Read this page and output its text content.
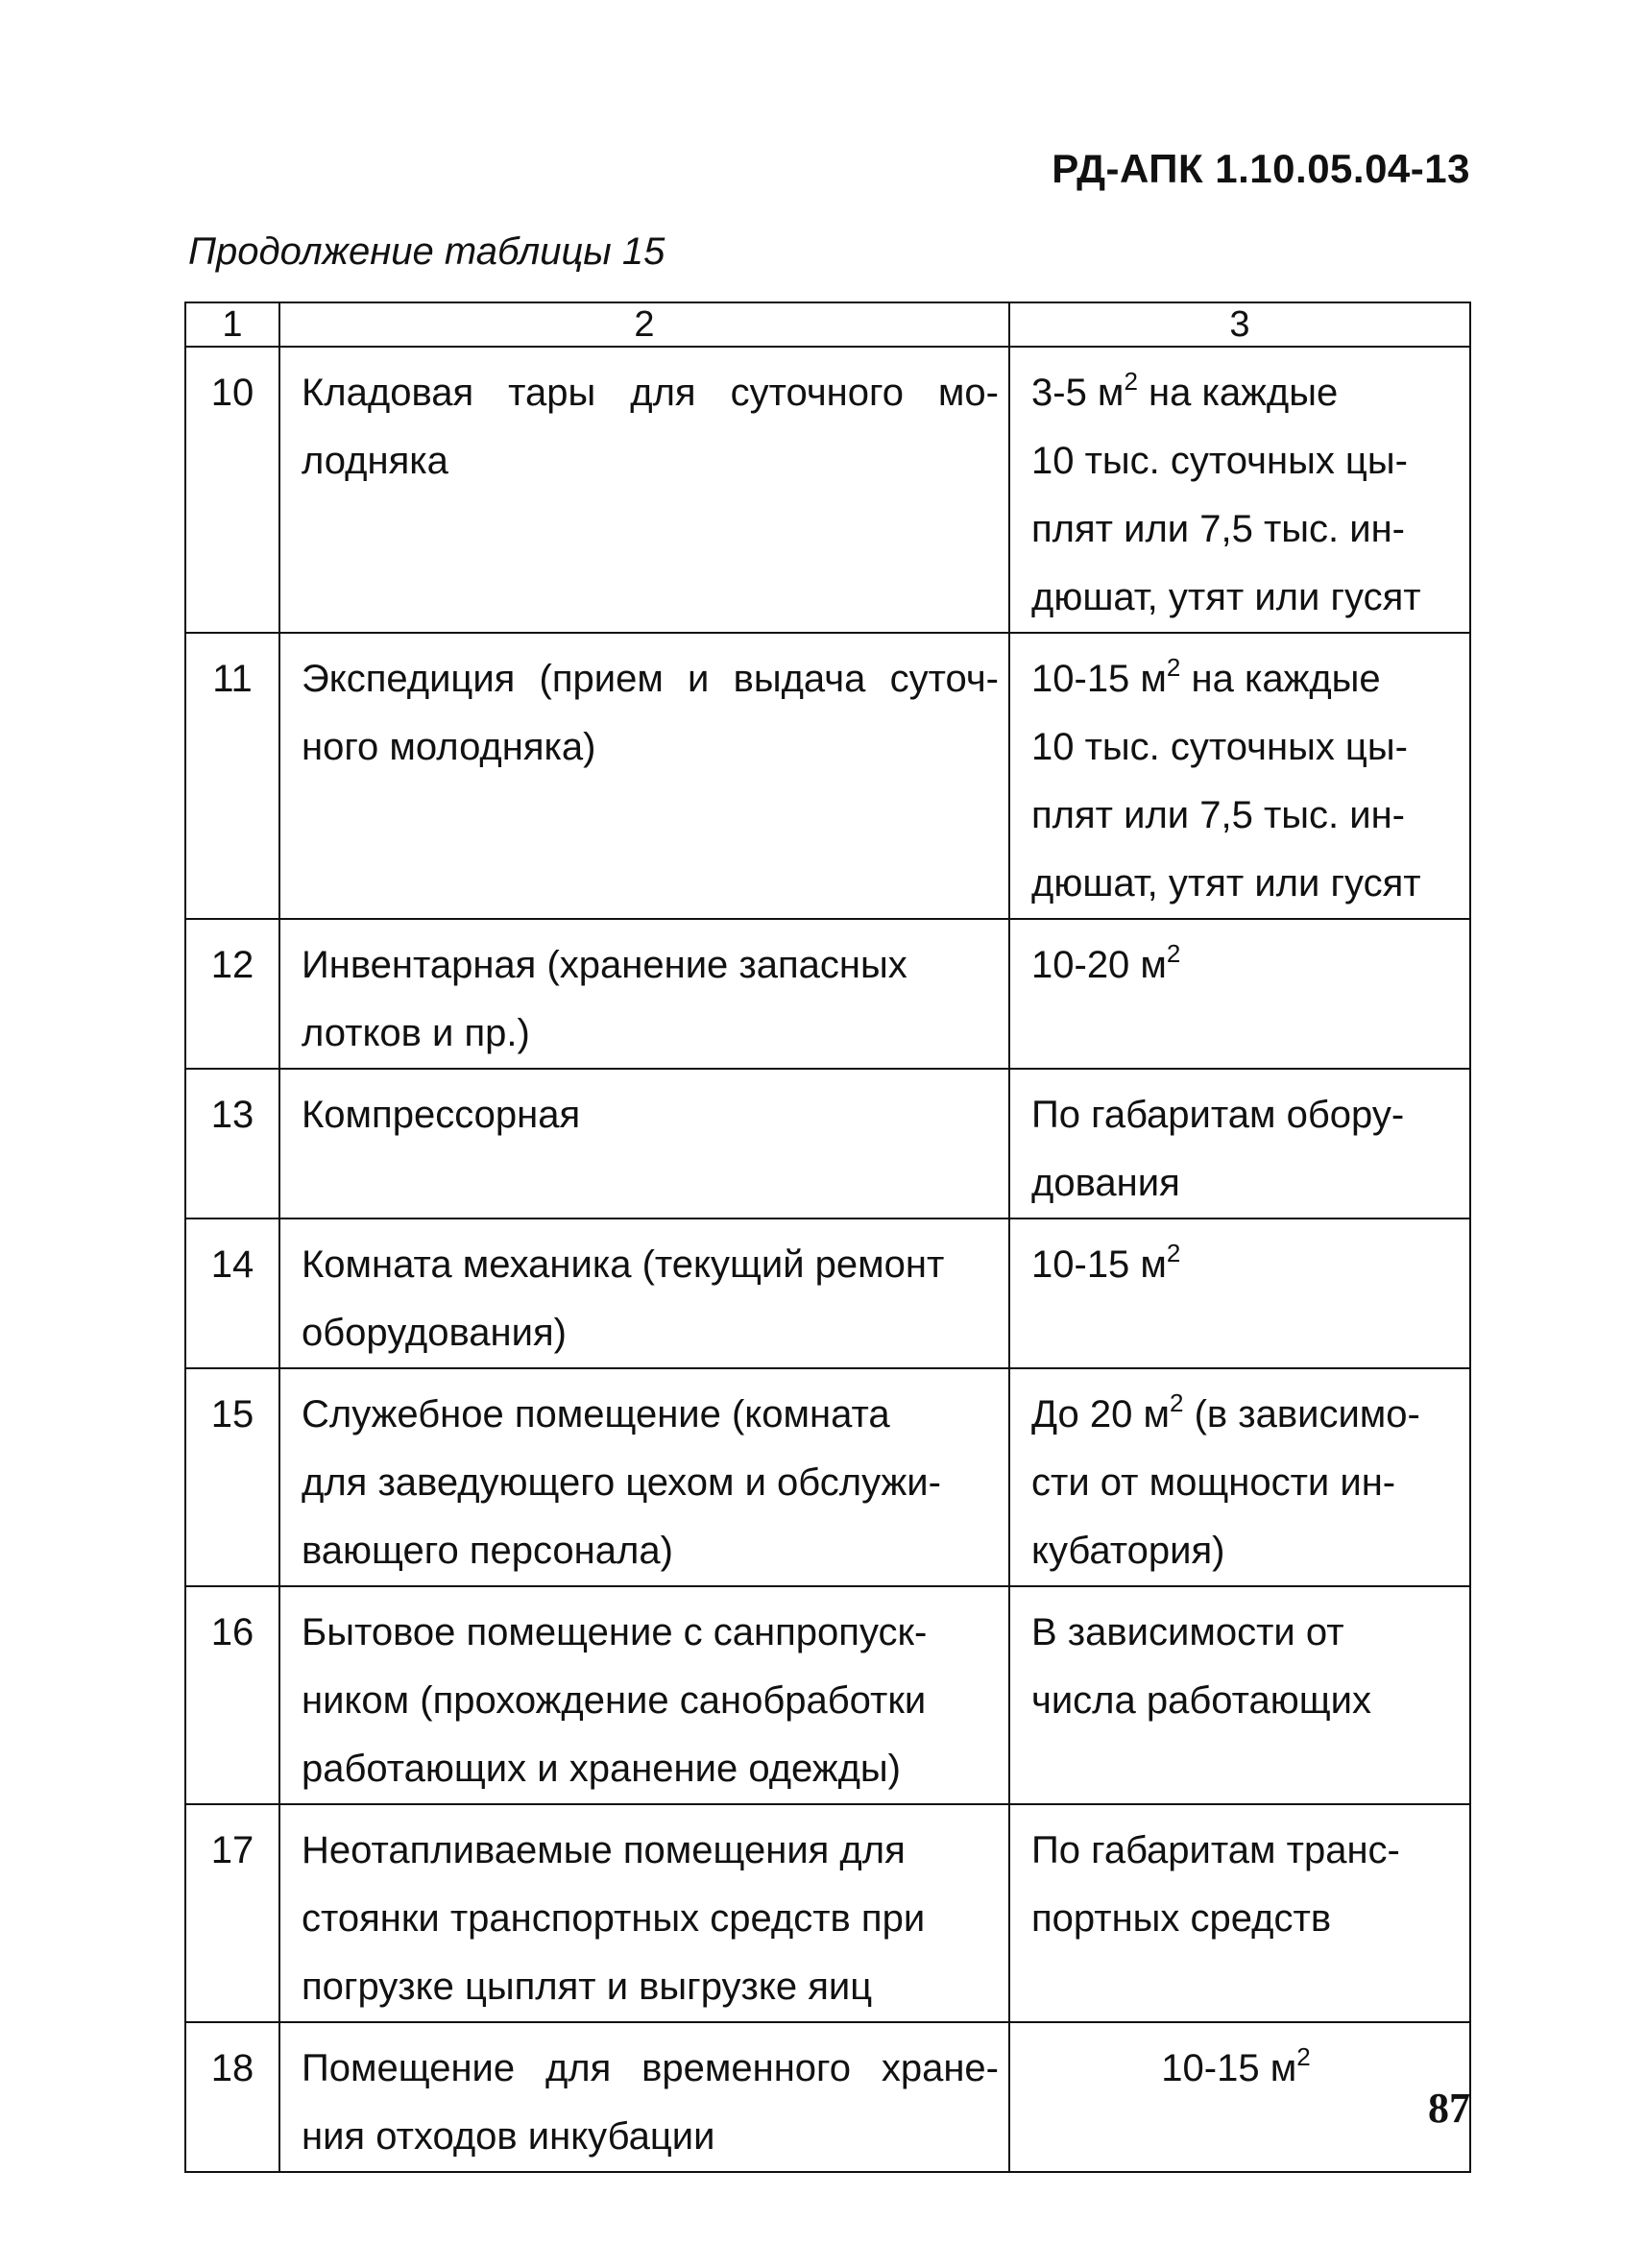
РД-АПК 1.10.05.04-13
Продолжение таблицы 15
1	2	3
10	Кладовая тары для суточного мо-
лодняка	3-5 $м^2$ на каждые
10 тыс. суточных цы-
плят или 7,5 тыс. ин-
дюшат, утят или гусят

11	Экспедиция (прием и выдача суточ-
ного молодняка)	10-15 $м^2$ на каждые
10 тыс. суточных цы-
плят или 7,5 тыс. ин-
дюшат, утят или гусят

12	Инвентарная (хранение запасных
лотков и пр.)	10-20 $м^2$

13	Компрессорная	По габаритам обору-
дования

14	Комната механика (текущий ремонт
оборудования)	10-15 $м^2$

15	Служебное помещение (комната
для заведующего цехом и обслужи-
вающего персонала)	До 20 $м^2$ (в зависимо-
сти от мощности ин-
кубатория)

16	Бытовое помещение с санпропуск-
ником (прохождение санобработки
работающих и хранение одежды)	В зависимости от
числа работающих

17	Неотапливаемые помещения для
стоянки транспортных средств при
погрузке цыплят и выгрузке яиц	По габаритам транс-
портных средств

18	Помещение для временного хране-
ния отходов инкубации	10-15 $м^2$
87
